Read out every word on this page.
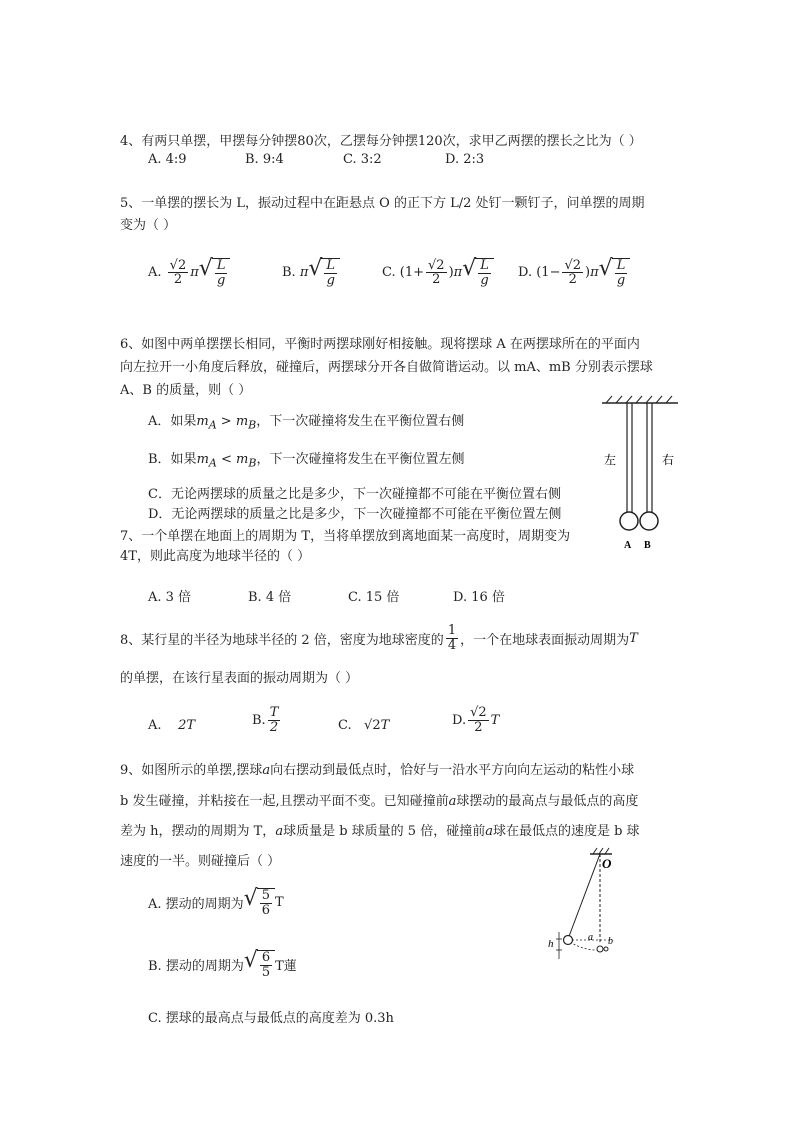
4、有两只单摆，甲摆每分钟摆80次，乙摆每分钟摆120次，求甲乙两摆的摆长之比为（ ）
A. 4:9	B. 9:4	C. 3:2	D. 2:3
5、一单摆的摆长为 L，振动过程中在距悬点 O 的正下方 L/2 处钉一颗钉子，问单摆的周期
变为（ ）
A. $\frac{√2}{2}$ π √ $\frac{L}{g}$	B. π √ $\frac{L}{g}$	C. $(1+ \frac{√2}{2} )\pi$ √ $\frac{L}{g} D$. $(1- \frac{√2}{2} )\pi$ √ $\frac{L}{g}$
6、如图中两单摆摆长相同，平衡时两摆球刚好相接触。现将摆球 A 在两摆球所在的平面内
向左拉开一小角度后释放，碰撞后，两摆球分开各自做简谐运动。以 mA、mB 分别表示摆球
A、B 的质量，则（ ）
A．如果$m_A > m_B$，下一次碰撞将发生在平衡位置右侧
B．如果$m_A < m_B$，下一次碰撞将发生在平衡位置左侧
C．无论两摆球的质量之比是多少，下一次碰撞都不可能在平衡位置右侧
D．无论两摆球的质量之比是多少，下一次碰撞都不可能在平衡位置左侧
左	右
A B
7、一个单摆在地面上的周期为 T，当将单摆放到离地面某一高度时，周期变为
4T，则此高度为地球半径的（ ）
A. 3 倍	B. 4 倍	C. 15 倍	D. 16 倍
8、某行星的半径为地球半径的 2 倍，密度为地球密度的 $\frac{1}{4}$ ，一个在地球表面振动周期为 T
的单摆，在该行星表面的振动周期为（ ）
A. 2T	B. $\frac{T}{2}$	C. √2T	D. $\frac{√2}{2}$ T
9、如图所示的单摆,摆球a向右摆动到最低点时，恰好与一沿水平方向向左运动的粘性小球
b 发生碰撞，并粘接在一起,且摆动平面不变。已知碰撞前a球摆动的最高点与最低点的高度
差为 h，摆动的周期为 T，a球质量是 b 球质量的 5 倍，碰撞前a球在最低点的速度是 b 球
速度的一半。则碰撞后（ ）
A. 摆动的周期为 √ $\frac{5}{6}$ T
B. 摆动的周期为 √ $\frac{6}{5}$ T蓮
C. 摆球的最高点与最低点的高度差为 0.3h
O
h
a b
